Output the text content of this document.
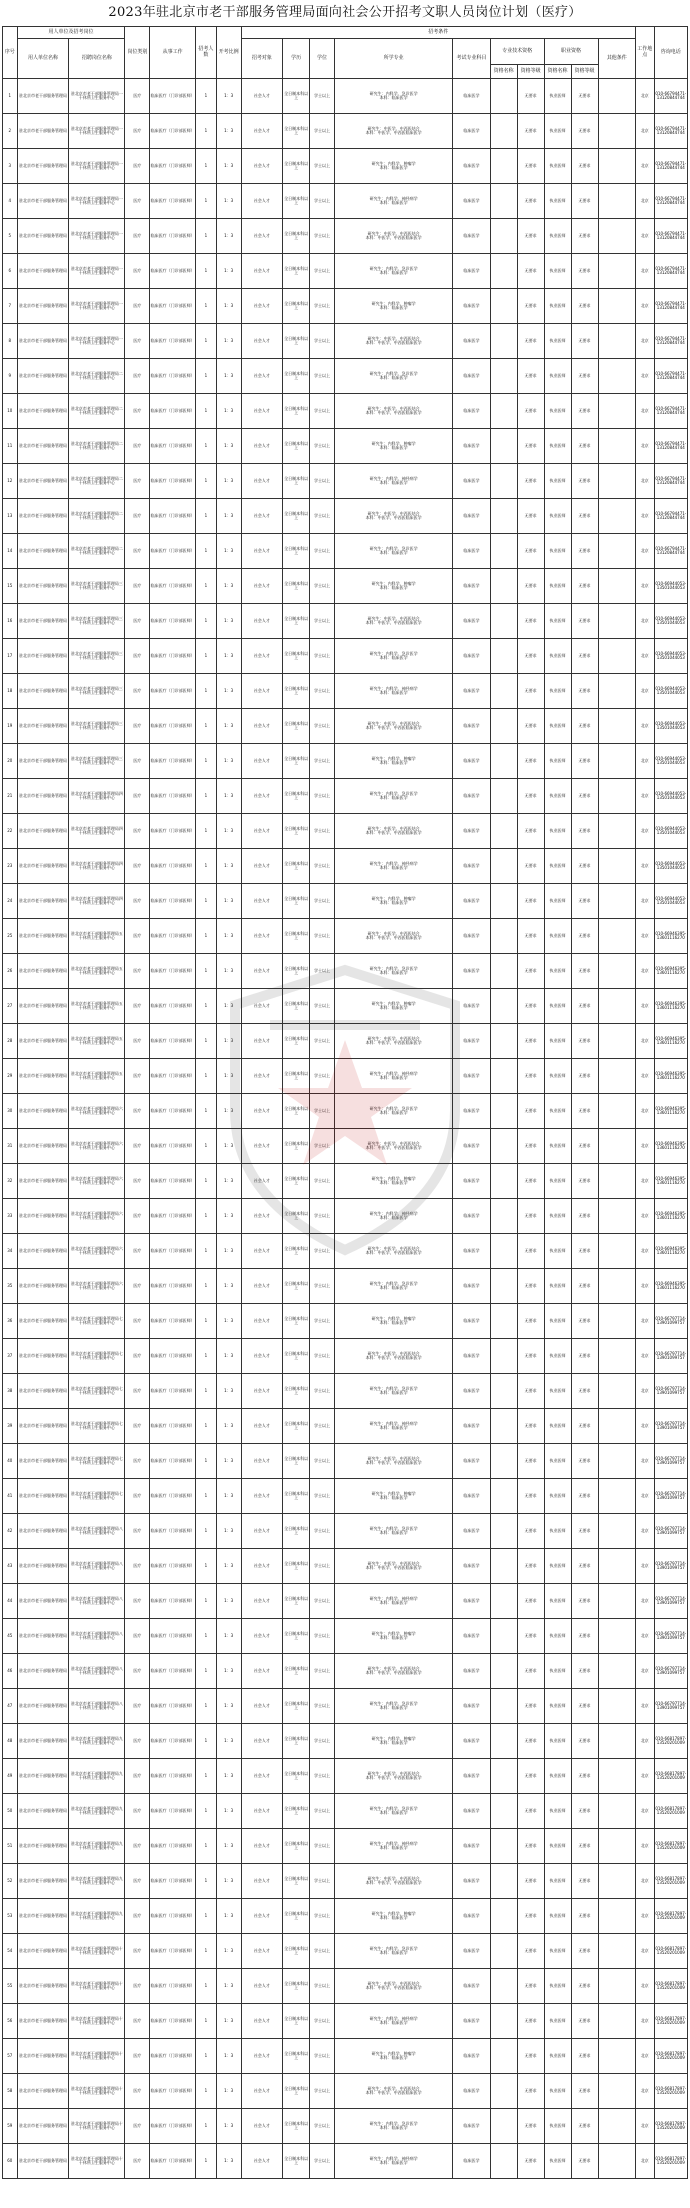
2023年驻北京市老干部服务管理局面向社会公开招考文职人员岗位计划（医疗）
序号	用人单位及招考岗位		岗位类别	从事工作	招考人数	开考比例	招考条件										工作地点	咨询电话
	用人单位名称	招聘岗位名称					招考对象	学历	学位	所学专业	考试专业科目	专业技术资格		职业资格		其他条件		
												资格名称	资格等级	资格名称	资格等级			
1	驻北京市老干部服务管理局	驻北京市老干部服务管理局一干休所卫生服务中心	医疗	临床医疗（门诊部医师）	1	1：3	社会人才	全日制本科以上	学士以上	研究生：内科学、急诊医学
本科：临床医学	临床医学		无要求	执业医师	无要求		北京	010-66794471-13120844744
2	驻北京市老干部服务管理局	驻北京市老干部服务管理局一干休所卫生服务中心	医疗	临床医疗（门诊部医师）	1	1：3	社会人才	全日制本科以上	学士以上	研究生：中医学、中西医结合
本科：中医学、中西医临床医学	临床医学		无要求	执业医师	无要求		北京	010-66794471-13120844744
3	驻北京市老干部服务管理局	驻北京市老干部服务管理局一干休所卫生服务中心	医疗	临床医疗（门诊部医师）	1	1：3	社会人才	全日制本科以上	学士以上	研究生：内科学、肿瘤学
本科：临床医学	临床医学		无要求	执业医师	无要求		北京	010-66794471-13120844744
4	驻北京市老干部服务管理局	驻北京市老干部服务管理局一干休所卫生服务中心	医疗	临床医疗（门诊部医师）	1	1：3	社会人才	全日制本科以上	学士以上	研究生：内科学、神经病学
本科：临床医学	临床医学		无要求	执业医师	无要求		北京	010-66794471-13120844744
5	驻北京市老干部服务管理局	驻北京市老干部服务管理局一干休所卫生服务中心	医疗	临床医疗（门诊部医师）	1	1：3	社会人才	全日制本科以上	学士以上	研究生：中医学、中西医结合
本科：中医学、中西医临床医学	临床医学		无要求	执业医师	无要求		北京	010-66794471-13120844744
6	驻北京市老干部服务管理局	驻北京市老干部服务管理局一干休所卫生服务中心	医疗	临床医疗（门诊部医师）	1	1：3	社会人才	全日制本科以上	学士以上	研究生：内科学、急诊医学
本科：临床医学	临床医学		无要求	执业医师	无要求		北京	010-66794471-13120844744
7	驻北京市老干部服务管理局	驻北京市老干部服务管理局一干休所卫生服务中心	医疗	临床医疗（门诊部医师）	1	1：3	社会人才	全日制本科以上	学士以上	研究生：内科学、肿瘤学
本科：临床医学	临床医学		无要求	执业医师	无要求		北京	010-66794471-13120844744
8	驻北京市老干部服务管理局	驻北京市老干部服务管理局一干休所卫生服务中心	医疗	临床医疗（门诊部医师）	1	1：3	社会人才	全日制本科以上	学士以上	研究生：中医学、中西医结合
本科：中医学、中西医临床医学	临床医学		无要求	执业医师	无要求		北京	010-66794471-13120844744
9	驻北京市老干部服务管理局	驻北京市老干部服务管理局二干休所卫生服务中心	医疗	临床医疗（门诊部医师）	1	1：3	社会人才	全日制本科以上	学士以上	研究生：内科学、急诊医学
本科：临床医学	临床医学		无要求	执业医师	无要求		北京	010-66794471-13120844744
10	驻北京市老干部服务管理局	驻北京市老干部服务管理局二干休所卫生服务中心	医疗	临床医疗（门诊部医师）	1	1：3	社会人才	全日制本科以上	学士以上	研究生：中医学、中西医结合
本科：中医学、中西医临床医学	临床医学		无要求	执业医师	无要求		北京	010-66794471-13120844744
11	驻北京市老干部服务管理局	驻北京市老干部服务管理局二干休所卫生服务中心	医疗	临床医疗（门诊部医师）	1	1：3	社会人才	全日制本科以上	学士以上	研究生：内科学、肿瘤学
本科：临床医学	临床医学		无要求	执业医师	无要求		北京	010-66794471-13120844744
12	驻北京市老干部服务管理局	驻北京市老干部服务管理局二干休所卫生服务中心	医疗	临床医疗（门诊部医师）	1	1：3	社会人才	全日制本科以上	学士以上	研究生：内科学、神经病学
本科：临床医学	临床医学		无要求	执业医师	无要求		北京	010-66794471-13120844744
13	驻北京市老干部服务管理局	驻北京市老干部服务管理局二干休所卫生服务中心	医疗	临床医疗（门诊部医师）	1	1：3	社会人才	全日制本科以上	学士以上	研究生：中医学、中西医结合
本科：中医学、中西医临床医学	临床医学		无要求	执业医师	无要求		北京	010-66794471-13120844744
14	驻北京市老干部服务管理局	驻北京市老干部服务管理局二干休所卫生服务中心	医疗	临床医疗（门诊部医师）	1	1：3	社会人才	全日制本科以上	学士以上	研究生：内科学、急诊医学
本科：临床医学	临床医学		无要求	执业医师	无要求		北京	010-66794471-13120844744
15	驻北京市老干部服务管理局	驻北京市老干部服务管理局三干休所卫生服务中心	医疗	临床医疗（门诊部医师）	1	1：3	社会人才	全日制本科以上	学士以上	研究生：内科学、肿瘤学
本科：临床医学	临床医学		无要求	执业医师	无要求		北京	010-66944053-13501044053
16	驻北京市老干部服务管理局	驻北京市老干部服务管理局三干休所卫生服务中心	医疗	临床医疗（门诊部医师）	1	1：3	社会人才	全日制本科以上	学士以上	研究生：中医学、中西医结合
本科：中医学、中西医临床医学	临床医学		无要求	执业医师	无要求		北京	010-66944053-13501044053
17	驻北京市老干部服务管理局	驻北京市老干部服务管理局三干休所卫生服务中心	医疗	临床医疗（门诊部医师）	1	1：3	社会人才	全日制本科以上	学士以上	研究生：内科学、急诊医学
本科：临床医学	临床医学		无要求	执业医师	无要求		北京	010-66944053-13501044053
18	驻北京市老干部服务管理局	驻北京市老干部服务管理局三干休所卫生服务中心	医疗	临床医疗（门诊部医师）	1	1：3	社会人才	全日制本科以上	学士以上	研究生：内科学、神经病学
本科：临床医学	临床医学		无要求	执业医师	无要求		北京	010-66944053-13501044053
19	驻北京市老干部服务管理局	驻北京市老干部服务管理局三干休所卫生服务中心	医疗	临床医疗（门诊部医师）	1	1：3	社会人才	全日制本科以上	学士以上	研究生：中医学、中西医结合
本科：中医学、中西医临床医学	临床医学		无要求	执业医师	无要求		北京	010-66944053-13501044053
20	驻北京市老干部服务管理局	驻北京市老干部服务管理局三干休所卫生服务中心	医疗	临床医疗（门诊部医师）	1	1：3	社会人才	全日制本科以上	学士以上	研究生：内科学、肿瘤学
本科：临床医学	临床医学		无要求	执业医师	无要求		北京	010-66944053-13501044053
21	驻北京市老干部服务管理局	驻北京市老干部服务管理局四干休所卫生服务中心	医疗	临床医疗（门诊部医师）	1	1：3	社会人才	全日制本科以上	学士以上	研究生：内科学、急诊医学
本科：临床医学	临床医学		无要求	执业医师	无要求		北京	010-66944053-13501044053
22	驻北京市老干部服务管理局	驻北京市老干部服务管理局四干休所卫生服务中心	医疗	临床医疗（门诊部医师）	1	1：3	社会人才	全日制本科以上	学士以上	研究生：中医学、中西医结合
本科：中医学、中西医临床医学	临床医学		无要求	执业医师	无要求		北京	010-66944053-13501044053
23	驻北京市老干部服务管理局	驻北京市老干部服务管理局四干休所卫生服务中心	医疗	临床医疗（门诊部医师）	1	1：3	社会人才	全日制本科以上	学士以上	研究生：内科学、神经病学
本科：临床医学	临床医学		无要求	执业医师	无要求		北京	010-66944053-13501044053
24	驻北京市老干部服务管理局	驻北京市老干部服务管理局四干休所卫生服务中心	医疗	临床医疗（门诊部医师）	1	1：3	社会人才	全日制本科以上	学士以上	研究生：内科学、肿瘤学
本科：临床医学	临床医学		无要求	执业医师	无要求		北京	010-66944053-13501044053
25	驻北京市老干部服务管理局	驻北京市老干部服务管理局五干休所卫生服务中心	医疗	临床医疗（门诊部医师）	1	1：3	社会人才	全日制本科以上	学士以上	研究生：中医学、中西医结合
本科：中医学、中西医临床医学	临床医学		无要求	执业医师	无要求		北京	010-66946395-13601116270
26	驻北京市老干部服务管理局	驻北京市老干部服务管理局五干休所卫生服务中心	医疗	临床医疗（门诊部医师）	1	1：3	社会人才	全日制本科以上	学士以上	研究生：内科学、急诊医学
本科：临床医学	临床医学		无要求	执业医师	无要求		北京	010-66946395-13601116270
27	驻北京市老干部服务管理局	驻北京市老干部服务管理局五干休所卫生服务中心	医疗	临床医疗（门诊部医师）	1	1：3	社会人才	全日制本科以上	学士以上	研究生：内科学、肿瘤学
本科：临床医学	临床医学		无要求	执业医师	无要求		北京	010-66946395-13601116270
28	驻北京市老干部服务管理局	驻北京市老干部服务管理局五干休所卫生服务中心	医疗	临床医疗（门诊部医师）	1	1：3	社会人才	全日制本科以上	学士以上	研究生：中医学、中西医结合
本科：中医学、中西医临床医学	临床医学		无要求	执业医师	无要求		北京	010-66946395-13601116270
29	驻北京市老干部服务管理局	驻北京市老干部服务管理局五干休所卫生服务中心	医疗	临床医疗（门诊部医师）	1	1：3	社会人才	全日制本科以上	学士以上	研究生：内科学、神经病学
本科：临床医学	临床医学		无要求	执业医师	无要求		北京	010-66946395-13601116270
30	驻北京市老干部服务管理局	驻北京市老干部服务管理局六干休所卫生服务中心	医疗	临床医疗（门诊部医师）	1	1：3	社会人才	全日制本科以上	学士以上	研究生：内科学、急诊医学
本科：临床医学	临床医学		无要求	执业医师	无要求		北京	010-66946395-13601116270
31	驻北京市老干部服务管理局	驻北京市老干部服务管理局六干休所卫生服务中心	医疗	临床医疗（门诊部医师）	1	1：3	社会人才	全日制本科以上	学士以上	研究生：中医学、中西医结合
本科：中医学、中西医临床医学	临床医学		无要求	执业医师	无要求		北京	010-66946395-13601116270
32	驻北京市老干部服务管理局	驻北京市老干部服务管理局六干休所卫生服务中心	医疗	临床医疗（门诊部医师）	1	1：3	社会人才	全日制本科以上	学士以上	研究生：内科学、肿瘤学
本科：临床医学	临床医学		无要求	执业医师	无要求		北京	010-66946395-13601116270
33	驻北京市老干部服务管理局	驻北京市老干部服务管理局六干休所卫生服务中心	医疗	临床医疗（门诊部医师）	1	1：3	社会人才	全日制本科以上	学士以上	研究生：内科学、神经病学
本科：临床医学	临床医学		无要求	执业医师	无要求		北京	010-66946395-13601116270
34	驻北京市老干部服务管理局	驻北京市老干部服务管理局六干休所卫生服务中心	医疗	临床医疗（门诊部医师）	1	1：3	社会人才	全日制本科以上	学士以上	研究生：中医学、中西医结合
本科：中医学、中西医临床医学	临床医学		无要求	执业医师	无要求		北京	010-66946395-13601116270
35	驻北京市老干部服务管理局	驻北京市老干部服务管理局六干休所卫生服务中心	医疗	临床医疗（门诊部医师）	1	1：3	社会人才	全日制本科以上	学士以上	研究生：内科学、急诊医学
本科：临床医学	临床医学		无要求	执业医师	无要求		北京	010-66946395-13601116270
36	驻北京市老干部服务管理局	驻北京市老干部服务管理局七干休所卫生服务中心	医疗	临床医疗（门诊部医师）	1	1：3	社会人才	全日制本科以上	学士以上	研究生：内科学、肿瘤学
本科：临床医学	临床医学		无要求	执业医师	无要求		北京	010-66797714-13901099757
37	驻北京市老干部服务管理局	驻北京市老干部服务管理局七干休所卫生服务中心	医疗	临床医疗（门诊部医师）	1	1：3	社会人才	全日制本科以上	学士以上	研究生：中医学、中西医结合
本科：中医学、中西医临床医学	临床医学		无要求	执业医师	无要求		北京	010-66797714-13901099757
38	驻北京市老干部服务管理局	驻北京市老干部服务管理局七干休所卫生服务中心	医疗	临床医疗（门诊部医师）	1	1：3	社会人才	全日制本科以上	学士以上	研究生：内科学、急诊医学
本科：临床医学	临床医学		无要求	执业医师	无要求		北京	010-66797714-13901099757
39	驻北京市老干部服务管理局	驻北京市老干部服务管理局七干休所卫生服务中心	医疗	临床医疗（门诊部医师）	1	1：3	社会人才	全日制本科以上	学士以上	研究生：内科学、神经病学
本科：临床医学	临床医学		无要求	执业医师	无要求		北京	010-66797714-13901099757
40	驻北京市老干部服务管理局	驻北京市老干部服务管理局七干休所卫生服务中心	医疗	临床医疗（门诊部医师）	1	1：3	社会人才	全日制本科以上	学士以上	研究生：中医学、中西医结合
本科：中医学、中西医临床医学	临床医学		无要求	执业医师	无要求		北京	010-66797714-13901099757
41	驻北京市老干部服务管理局	驻北京市老干部服务管理局七干休所卫生服务中心	医疗	临床医疗（门诊部医师）	1	1：3	社会人才	全日制本科以上	学士以上	研究生：内科学、肿瘤学
本科：临床医学	临床医学		无要求	执业医师	无要求		北京	010-66797714-13901099757
42	驻北京市老干部服务管理局	驻北京市老干部服务管理局八干休所卫生服务中心	医疗	临床医疗（门诊部医师）	1	1：3	社会人才	全日制本科以上	学士以上	研究生：内科学、急诊医学
本科：临床医学	临床医学		无要求	执业医师	无要求		北京	010-66797714-13901099757
43	驻北京市老干部服务管理局	驻北京市老干部服务管理局八干休所卫生服务中心	医疗	临床医疗（门诊部医师）	1	1：3	社会人才	全日制本科以上	学士以上	研究生：中医学、中西医结合
本科：中医学、中西医临床医学	临床医学		无要求	执业医师	无要求		北京	010-66797714-13901099757
44	驻北京市老干部服务管理局	驻北京市老干部服务管理局八干休所卫生服务中心	医疗	临床医疗（门诊部医师）	1	1：3	社会人才	全日制本科以上	学士以上	研究生：内科学、神经病学
本科：临床医学	临床医学		无要求	执业医师	无要求		北京	010-66797714-13901099757
45	驻北京市老干部服务管理局	驻北京市老干部服务管理局八干休所卫生服务中心	医疗	临床医疗（门诊部医师）	1	1：3	社会人才	全日制本科以上	学士以上	研究生：内科学、肿瘤学
本科：临床医学	临床医学		无要求	执业医师	无要求		北京	010-66797714-13901099757
46	驻北京市老干部服务管理局	驻北京市老干部服务管理局八干休所卫生服务中心	医疗	临床医疗（门诊部医师）	1	1：3	社会人才	全日制本科以上	学士以上	研究生：中医学、中西医结合
本科：中医学、中西医临床医学	临床医学		无要求	执业医师	无要求		北京	010-66797714-13901099757
47	驻北京市老干部服务管理局	驻北京市老干部服务管理局八干休所卫生服务中心	医疗	临床医疗（门诊部医师）	1	1：3	社会人才	全日制本科以上	学士以上	研究生：内科学、急诊医学
本科：临床医学	临床医学		无要求	执业医师	无要求		北京	010-66797714-13901099757
48	驻北京市老干部服务管理局	驻北京市老干部服务管理局九干休所卫生服务中心	医疗	临床医疗（门诊部医师）	1	1：3	社会人才	全日制本科以上	学士以上	研究生：内科学、肿瘤学
本科：临床医学	临床医学		无要求	执业医师	无要求		北京	010-66817897-13520201009
49	驻北京市老干部服务管理局	驻北京市老干部服务管理局九干休所卫生服务中心	医疗	临床医疗（门诊部医师）	1	1：3	社会人才	全日制本科以上	学士以上	研究生：中医学、中西医结合
本科：中医学、中西医临床医学	临床医学		无要求	执业医师	无要求		北京	010-66817897-13520201009
50	驻北京市老干部服务管理局	驻北京市老干部服务管理局九干休所卫生服务中心	医疗	临床医疗（门诊部医师）	1	1：3	社会人才	全日制本科以上	学士以上	研究生：内科学、急诊医学
本科：临床医学	临床医学		无要求	执业医师	无要求		北京	010-66817897-13520201009
51	驻北京市老干部服务管理局	驻北京市老干部服务管理局九干休所卫生服务中心	医疗	临床医疗（门诊部医师）	1	1：3	社会人才	全日制本科以上	学士以上	研究生：内科学、神经病学
本科：临床医学	临床医学		无要求	执业医师	无要求		北京	010-66817897-13520201009
52	驻北京市老干部服务管理局	驻北京市老干部服务管理局九干休所卫生服务中心	医疗	临床医疗（门诊部医师）	1	1：3	社会人才	全日制本科以上	学士以上	研究生：中医学、中西医结合
本科：中医学、中西医临床医学	临床医学		无要求	执业医师	无要求		北京	010-66817897-13520201009
53	驻北京市老干部服务管理局	驻北京市老干部服务管理局九干休所卫生服务中心	医疗	临床医疗（门诊部医师）	1	1：3	社会人才	全日制本科以上	学士以上	研究生：内科学、肿瘤学
本科：临床医学	临床医学		无要求	执业医师	无要求		北京	010-66817897-13520201009
54	驻北京市老干部服务管理局	驻北京市老干部服务管理局十干休所卫生服务中心	医疗	临床医疗（门诊部医师）	1	1：3	社会人才	全日制本科以上	学士以上	研究生：内科学、急诊医学
本科：临床医学	临床医学		无要求	执业医师	无要求		北京	010-66817897-13520201009
55	驻北京市老干部服务管理局	驻北京市老干部服务管理局十干休所卫生服务中心	医疗	临床医疗（门诊部医师）	1	1：3	社会人才	全日制本科以上	学士以上	研究生：中医学、中西医结合
本科：中医学、中西医临床医学	临床医学		无要求	执业医师	无要求		北京	010-66817897-13520201009
56	驻北京市老干部服务管理局	驻北京市老干部服务管理局十干休所卫生服务中心	医疗	临床医疗（门诊部医师）	1	1：3	社会人才	全日制本科以上	学士以上	研究生：内科学、神经病学
本科：临床医学	临床医学		无要求	执业医师	无要求		北京	010-66817897-13520201009
57	驻北京市老干部服务管理局	驻北京市老干部服务管理局十干休所卫生服务中心	医疗	临床医疗（门诊部医师）	1	1：3	社会人才	全日制本科以上	学士以上	研究生：内科学、肿瘤学
本科：临床医学	临床医学		无要求	执业医师	无要求		北京	010-66817897-13520201009
58	驻北京市老干部服务管理局	驻北京市老干部服务管理局十干休所卫生服务中心	医疗	临床医疗（门诊部医师）	1	1：3	社会人才	全日制本科以上	学士以上	研究生：中医学、中西医结合
本科：中医学、中西医临床医学	临床医学		无要求	执业医师	无要求		北京	010-66817897-13520201009
59	驻北京市老干部服务管理局	驻北京市老干部服务管理局十干休所卫生服务中心	医疗	临床医疗（门诊部医师）	1	1：3	社会人才	全日制本科以上	学士以上	研究生：内科学、急诊医学
本科：临床医学	临床医学		无要求	执业医师	无要求		北京	010-66817897-13520201009
60	驻北京市老干部服务管理局	驻北京市老干部服务管理局十干休所卫生服务中心	医疗	临床医疗（门诊部医师）	1	1：3	社会人才	全日制本科以上	学士以上	研究生：内科学、神经病学
本科：临床医学	临床医学		无要求	执业医师	无要求		北京	010-66817897-13520201009
